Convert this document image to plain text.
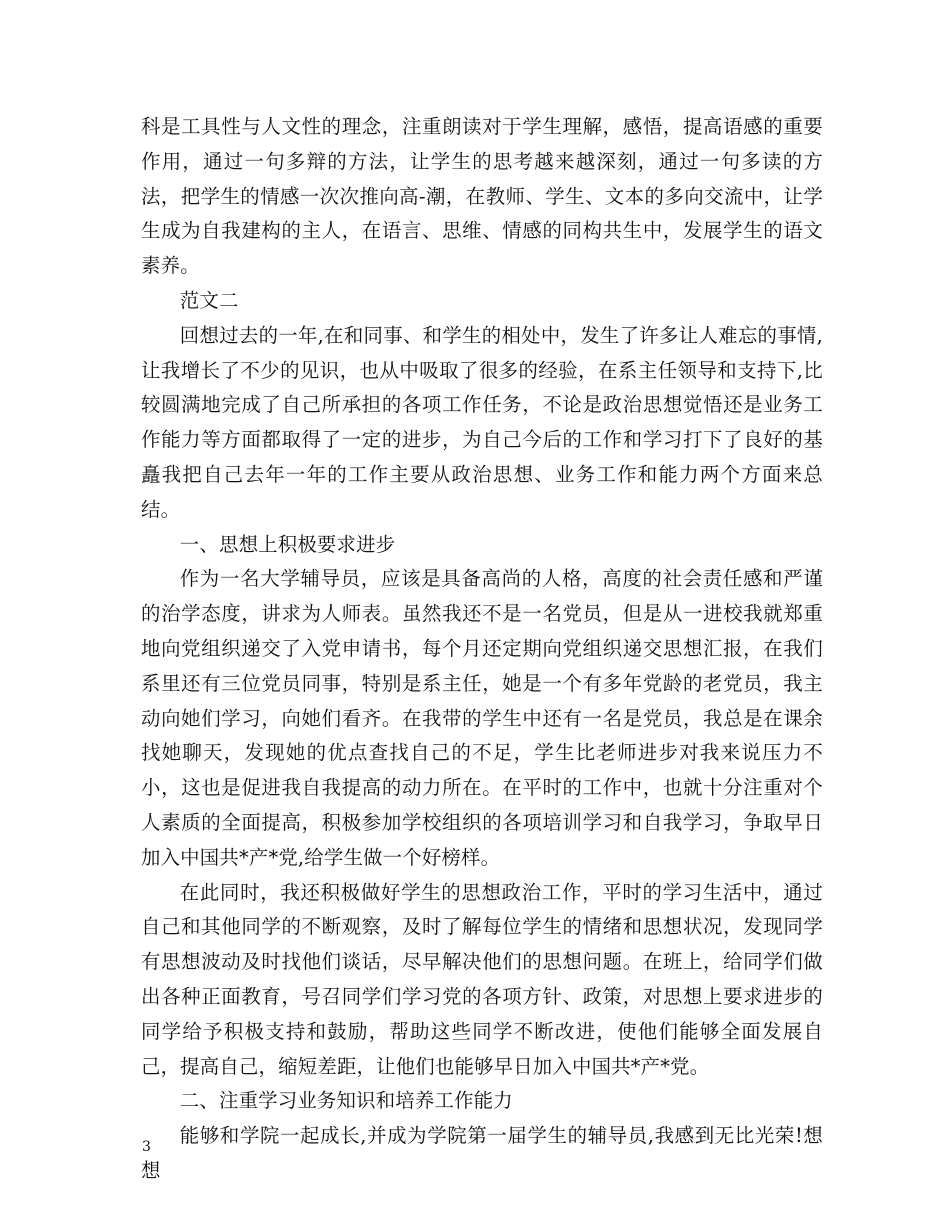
科是工具性与人文性的理念，注重朗读对于学生理解，感悟，提高语感的重要作用，通过一句多辩的方法，让学生的思考越来越深刻，通过一句多读的方法，把学生的情感一次次推向高-潮，在教师、学生、文本的多向交流中，让学生成为自我建构的主人，在语言、思维、情感的同构共生中，发展学生的语文素养。

范文二

回想过去的一年,在和同事、和学生的相处中，发生了许多让人难忘的事情,让我增长了不少的见识，也从中吸取了很多的经验，在系主任领导和支持下,比较圆满地完成了自己所承担的各项工作任务，不论是政治思想觉悟还是业务工作能力等方面都取得了一定的进步，为自己今后的工作和学习打下了良好的基矗我把自己去年一年的工作主要从政治思想、业务工作和能力两个方面来总结。

一、思想上积极要求进步

作为一名大学辅导员，应该是具备高尚的人格，高度的社会责任感和严谨的治学态度，讲求为人师表。虽然我还不是一名党员，但是从一进校我就郑重地向党组织递交了入党申请书，每个月还定期向党组织递交思想汇报，在我们系里还有三位党员同事，特别是系主任，她是一个有多年党龄的老党员，我主动向她们学习，向她们看齐。在我带的学生中还有一名是党员，我总是在课余找她聊天，发现她的优点查找自己的不足，学生比老师进步对我来说压力不小，这也是促进我自我提高的动力所在。在平时的工作中，也就十分注重对个人素质的全面提高，积极参加学校组织的各项培训学习和自我学习，争取早日加入中国共*产*党,给学生做一个好榜样。

在此同时，我还积极做好学生的思想政治工作，平时的学习生活中，通过自己和其他同学的不断观察，及时了解每位学生的情绪和思想状况，发现同学有思想波动及时找他们谈话，尽早解决他们的思想问题。在班上，给同学们做出各种正面教育，号召同学们学习党的各项方针、政策，对思想上要求进步的同学给予积极支持和鼓励，帮助这些同学不断改进，使他们能够全面发展自己，提高自己，缩短差距，让他们也能够早日加入中国共*产*党。

二、注重学习业务知识和培养工作能力

能够和学院一起成长,并成为学院第一届学生的辅导员,我感到无比光荣!想想

3
